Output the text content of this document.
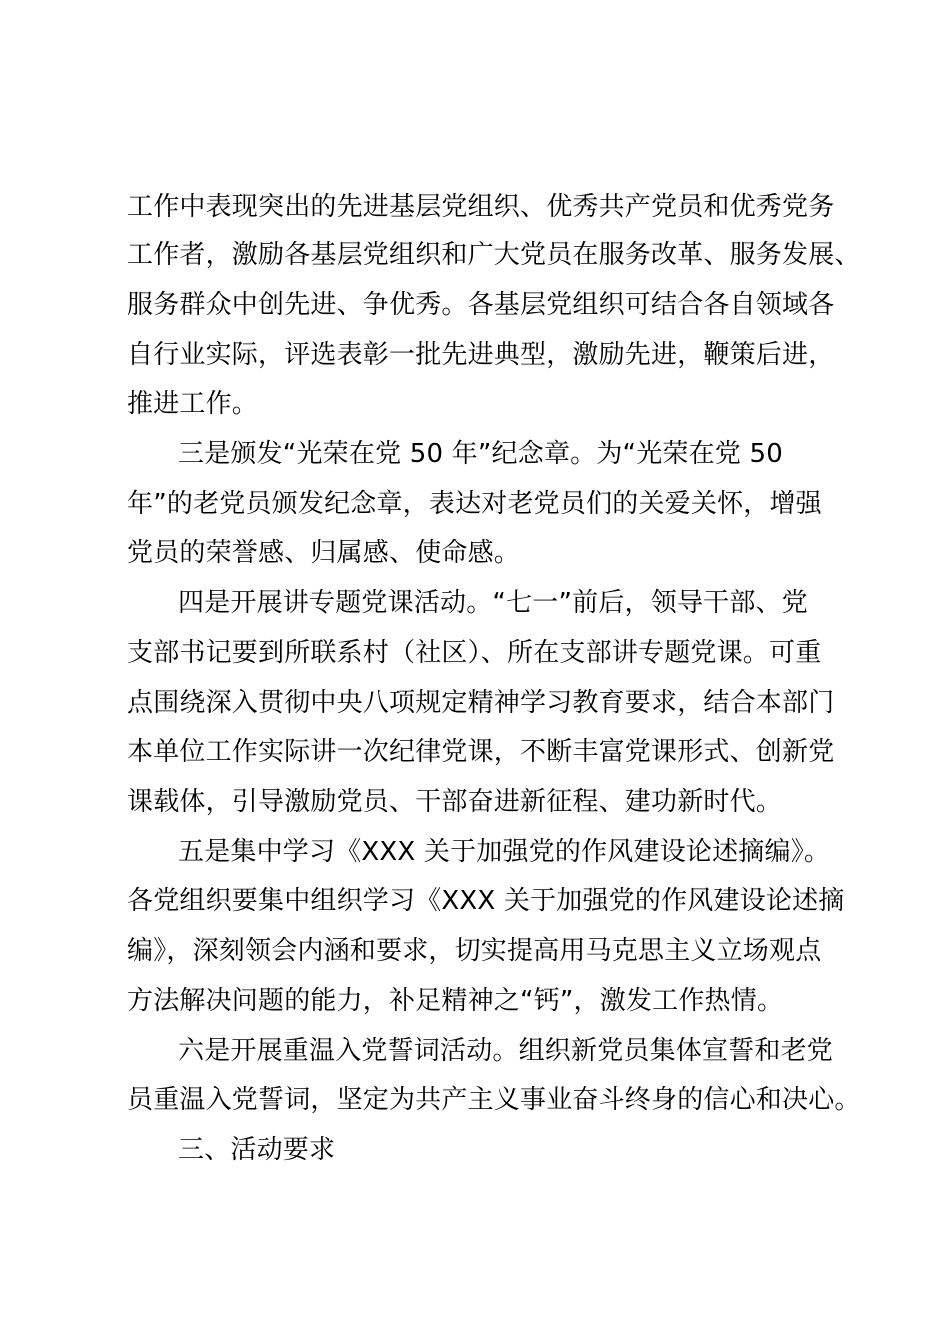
工作中表现突出的先进基层党组织、优秀共产党员和优秀党务

工作者，激励各基层党组织和广大党员在服务改革、服务发展、

服务群众中创先进、争优秀。各基层党组织可结合各自领域各

自行业实际，评选表彰一批先进典型，激励先进，鞭策后进，

推进工作。

三是颁发“光荣在党 50 年”纪念章。为“光荣在党 50

年”的老党员颁发纪念章，表达对老党员们的关爱关怀，增强

党员的荣誉感、归属感、使命感。

四是开展讲专题党课活动。“七一”前后，领导干部、党

支部书记要到所联系村（社区）、所在支部讲专题党课。可重

点围绕深入贯彻中央八项规定精神学习教育要求，结合本部门

本单位工作实际讲一次纪律党课，不断丰富党课形式、创新党

课载体，引导激励党员、干部奋进新征程、建功新时代。

五是集中学习《XXX 关于加强党的作风建设论述摘编》。

各党组织要集中组织学习《XXX 关于加强党的作风建设论述摘

编》，深刻领会内涵和要求，切实提高用马克思主义立场观点

方法解决问题的能力，补足精神之“钙”，激发工作热情。

六是开展重温入党誓词活动。组织新党员集体宣誓和老党

员重温入党誓词，坚定为共产主义事业奋斗终身的信心和决心。

三、活动要求
